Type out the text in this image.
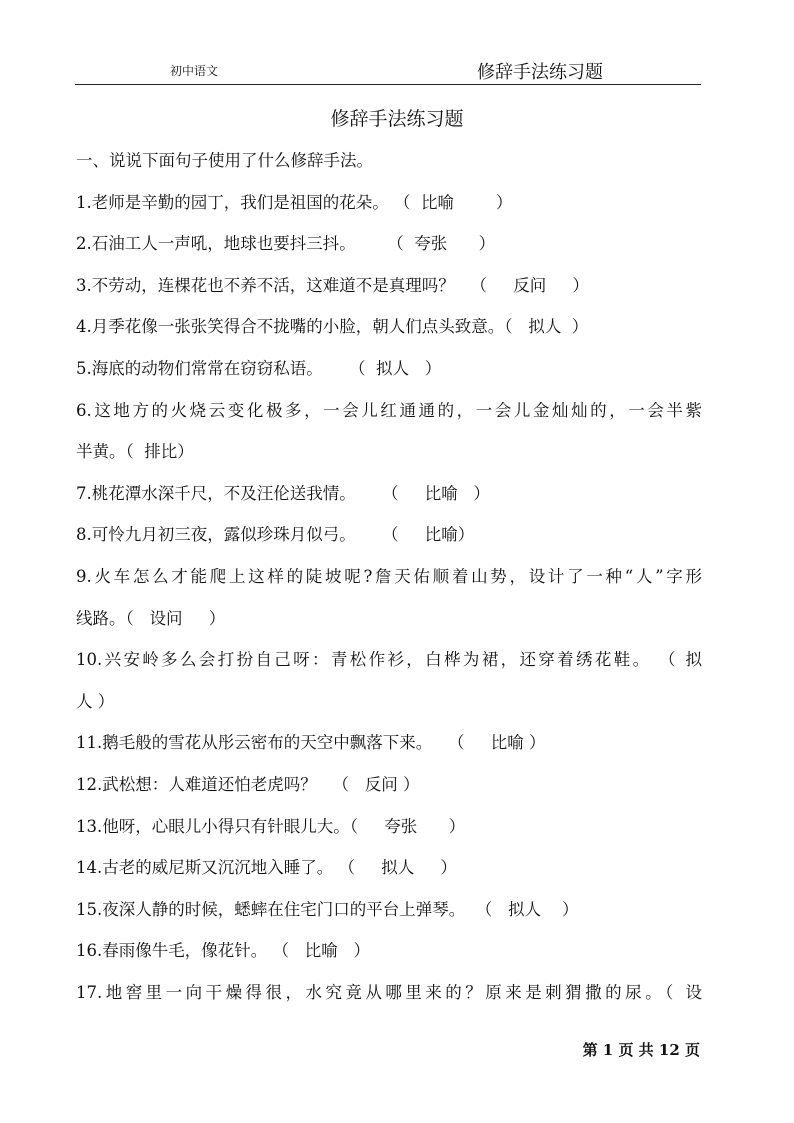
初中语文	修辞手法练习题
修辞手法练习题
一、说说下面句子使用了什么修辞手法。
1.老师是辛勤的园丁，我们是祖国的花朵。 （  比喻        ）
2.石油工人一声吼，地球也要抖三抖。      （  夸张      ）
3.不劳动，连棵花也不养不活，这难道不是真理吗？   （     反问     ）
4.月季花像一张张笑得合不拢嘴的小脸，朝人们点头致意。（   拟人  ）
5.海底的动物们常常在窃窃私语。     （  拟人   ）
6.这地方的火烧云变化极多，一会儿红通通的，一会儿金灿灿的，一会半紫
半黄。（  排比）
7.桃花潭水深千尺，不及汪伦送我情。     （     比喻   ）
8.可怜九月初三夜，露似珍珠月似弓。     （     比喻）
9.火车怎么才能爬上这样的陡坡呢?詹天佑顺着山势，设计了一种“人”字形
线路。（   设问     ）
10.兴安岭多么会打扮自己呀：青松作衫，白桦为裙，还穿着绣花鞋。 （ 拟
人 ）
11.鹅毛般的雪花从彤云密布的天空中飘落下来。   （     比喻 ）
12.武松想：人难道还怕老虎吗？   （   反问 ）
13.他呀，心眼儿小得只有针眼儿大。（     夸张      ）
14.古老的威尼斯又沉沉地入睡了。 （     拟人     ）
15.夜深人静的时候，蟋蟀在住宅门口的平台上弹琴。  （   拟人    ）
16.春雨像牛毛，像花针。 （   比喻   ）
17.地窖里一向干燥得很，水究竟从哪里来的？原来是刺猬撒的尿。（ 设
第 1 页 共 12 页
